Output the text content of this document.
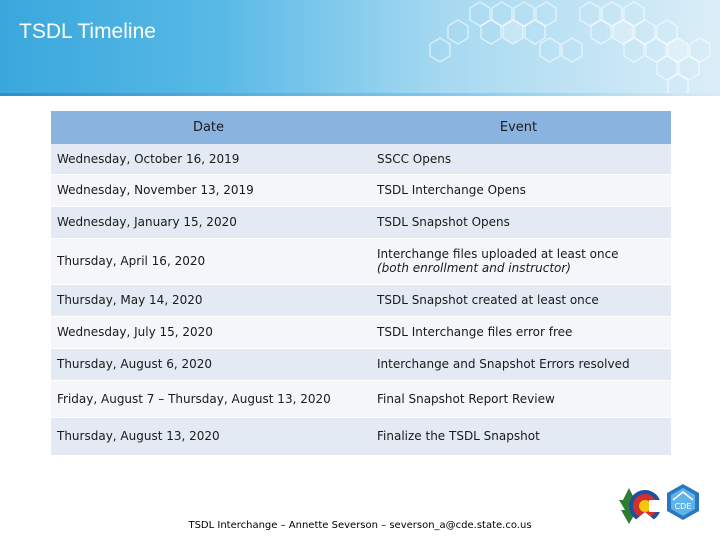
TSDL Timeline
Date	Event
Wednesday, October 16, 2019	SSCC Opens
Wednesday, November 13, 2019	TSDL Interchange Opens
Wednesday, January 15, 2020	TSDL Snapshot Opens
Thursday, April 16, 2020	Interchange files uploaded at least once
(both enrollment and instructor)

Thursday, May 14, 2020	TSDL Snapshot created at least once
Wednesday, July 15, 2020	TSDL Interchange files error free
Thursday, August 6, 2020	Interchange and Snapshot Errors resolved
Friday, August 7 – Thursday, August 13, 2020	Final Snapshot Report Review
Thursday, August 13, 2020	Finalize the TSDL Snapshot
TSDL Interchange – Annette Severson – severson_a@cde.state.co.us
CDE
